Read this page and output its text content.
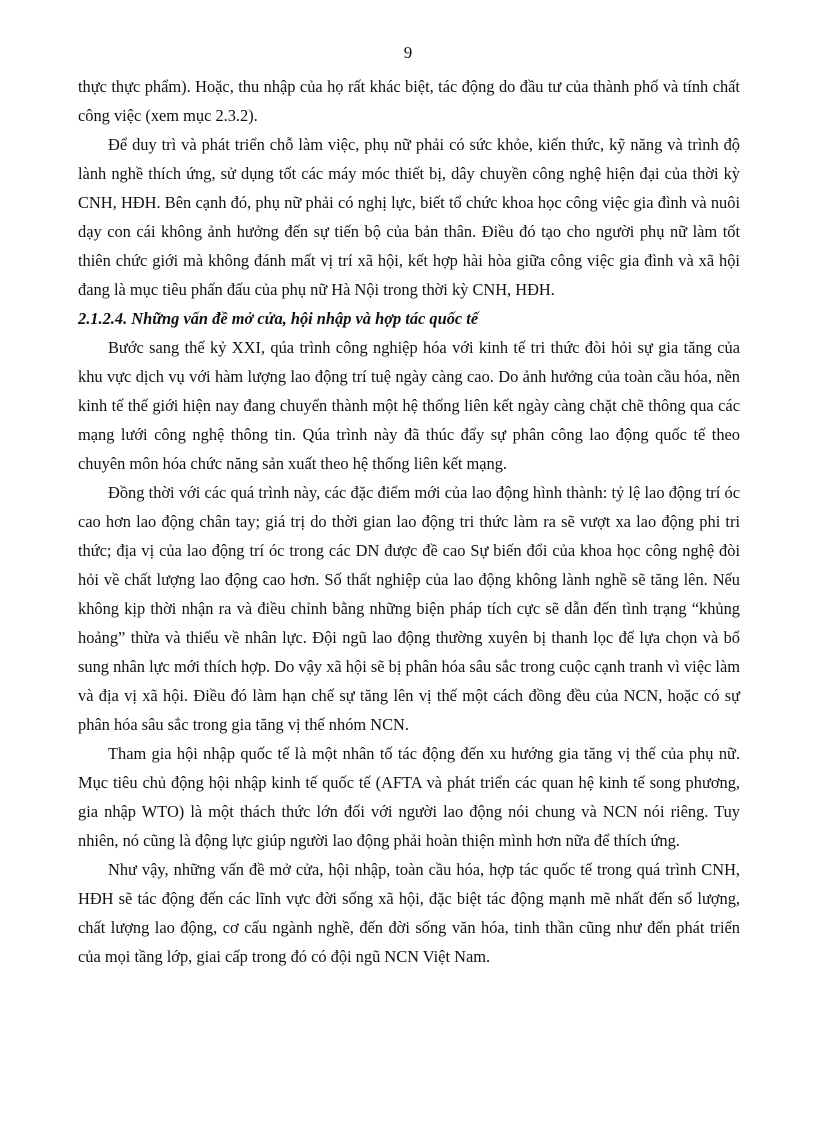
9

thực thực phẩm). Hoặc, thu nhập của họ rất khác biệt, tác động do đầu tư của thành phố và tính chất công việc (xem mục 2.3.2).

Để duy trì và phát triển chỗ làm việc, phụ nữ phải có sức khỏe, kiến thức, kỹ năng và trình độ lành nghề thích ứng, sử dụng tốt các máy móc thiết bị, dây chuyền công nghệ hiện đại của thời kỳ CNH, HĐH. Bên cạnh đó, phụ nữ phải có nghị lực, biết tổ chức khoa học công việc gia đình và nuôi dạy con cái không ảnh hưởng đến sự tiến bộ của bản thân. Điều đó tạo cho người phụ nữ làm tốt thiên chức giới mà không đánh mất vị trí xã hội, kết hợp hài hòa giữa công việc gia đình và xã hội đang là mục tiêu phấn đấu của phụ nữ Hà Nội trong thời kỳ CNH, HĐH.

2.1.2.4. Những vấn đề mở cửa, hội nhập và hợp tác quốc tế

Bước sang thế kỷ XXI, qúa trình công nghiệp hóa với kinh tế tri thức đòi hỏi sự gia tăng của khu vực dịch vụ với hàm lượng lao động trí tuệ ngày càng cao. Do ảnh hưởng của toàn cầu hóa, nền kinh tế thế giới hiện nay đang chuyển thành một hệ thống liên kết ngày càng chặt chẽ thông qua các mạng lưới công nghệ thông tin. Qúa trình này đã thúc đẩy sự phân công lao động quốc tế theo chuyên môn hóa chức năng sản xuất theo hệ thống liên kết mạng.

Đồng thời với các quá trình này, các đặc điểm mới của lao động hình thành: tỷ lệ lao động trí óc cao hơn lao động chân tay; giá trị do thời gian lao động tri thức làm ra sẽ vượt xa lao động phi tri thức; địa vị của lao động trí óc trong các DN được đề cao Sự biến đổi của khoa học công nghệ đòi hỏi về chất lượng lao động cao hơn. Số thất nghiệp của lao động không lành nghề sẽ tăng lên. Nếu không kịp thời nhận ra và điều chỉnh bằng những biện pháp tích cực sẽ dẫn đến tình trạng “khủng hoảng” thừa và thiếu về nhân lực. Đội ngũ lao động thường xuyên bị thanh lọc để lựa chọn và bổ sung nhân lực mới thích hợp. Do vậy xã hội sẽ bị phân hóa sâu sắc trong cuộc cạnh tranh vì việc làm và địa vị xã hội. Điều đó làm hạn chế sự tăng lên vị thế một cách đồng đều của NCN, hoặc có sự phân hóa sâu sắc trong gia tăng vị thế nhóm NCN.

Tham gia hội nhập quốc tế là một nhân tố tác động đến xu hướng gia tăng vị thế của phụ nữ. Mục tiêu chủ động hội nhập kinh tế quốc tế (AFTA và phát triển các quan hệ kinh tế song phương, gia nhập WTO) là một thách thức lớn đối với người lao động nói chung và NCN nói riêng. Tuy nhiên, nó cũng là động lực giúp người lao động phải hoàn thiện mình hơn nữa để thích ứng.

Như vậy, những vấn đề mở cửa, hội nhập, toàn cầu hóa, hợp tác quốc tế trong quá trình CNH, HĐH sẽ tác động đến các lĩnh vực đời sống xã hội, đặc biệt tác động mạnh mẽ nhất đến số lượng, chất lượng lao động, cơ cấu ngành nghề, đến đời sống văn hóa, tinh thần cũng như đến phát triển của mọi tầng lớp, giai cấp trong đó có đội ngũ NCN Việt Nam.
